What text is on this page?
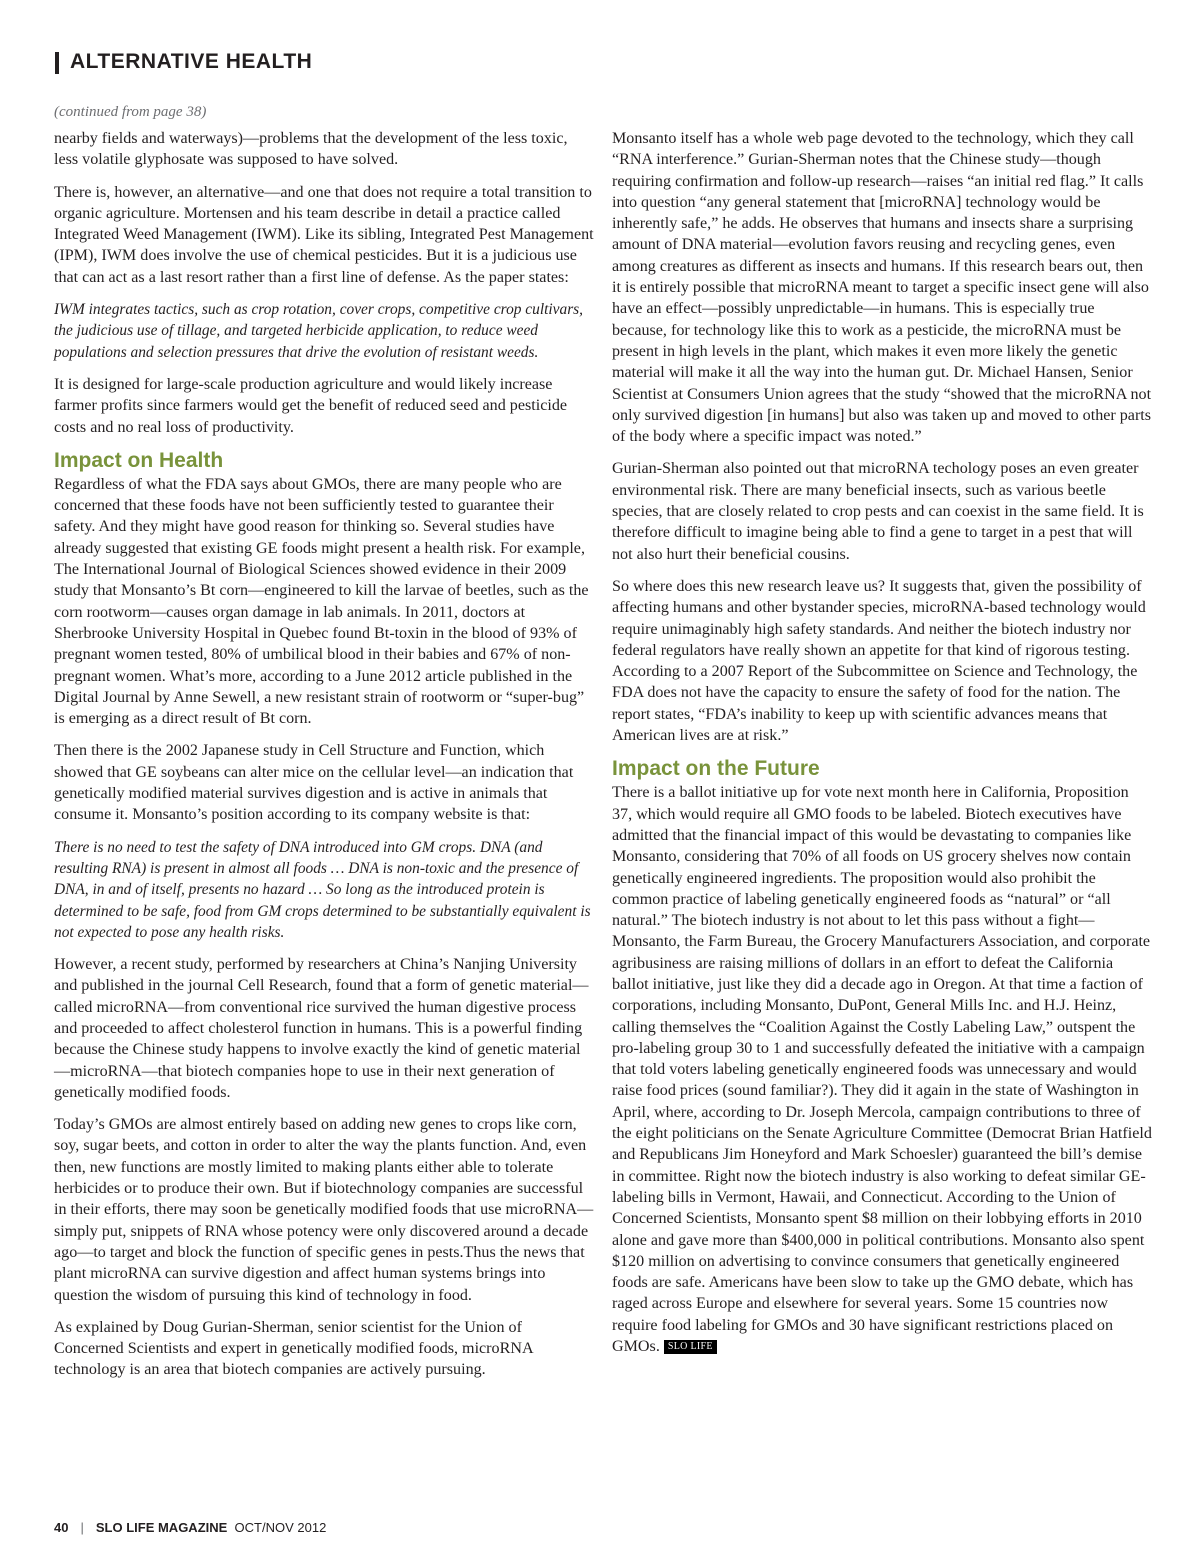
ALTERNATIVE HEALTH
(continued from page 38)

nearby fields and waterways)—problems that the development of the less toxic, less volatile glyphosate was supposed to have solved.

There is, however, an alternative—and one that does not require a total transition to organic agriculture. Mortensen and his team describe in detail a practice called Integrated Weed Management (IWM). Like its sibling, Integrated Pest Management (IPM), IWM does involve the use of chemical pesticides. But it is a judicious use that can act as a last resort rather than a first line of defense. As the paper states:

IWM integrates tactics, such as crop rotation, cover crops, competitive crop cultivars, the judicious use of tillage, and targeted herbicide application, to reduce weed populations and selection pressures that drive the evolution of resistant weeds.

It is designed for large-scale production agriculture and would likely increase farmer profits since farmers would get the benefit of reduced seed and pesticide costs and no real loss of productivity.

Impact on Health

Regardless of what the FDA says about GMOs, there are many people who are concerned that these foods have not been sufficiently tested to guarantee their safety. And they might have good reason for thinking so. Several studies have already suggested that existing GE foods might present a health risk. For example, The International Journal of Biological Sciences showed evidence in their 2009 study that Monsanto’s Bt corn—engineered to kill the larvae of beetles, such as the corn rootworm—causes organ damage in lab animals. In 2011, doctors at Sherbrooke University Hospital in Quebec found Bt-toxin in the blood of 93% of pregnant women tested, 80% of umbilical blood in their babies and 67% of non-pregnant women. What’s more, according to a June 2012 article published in the Digital Journal by Anne Sewell, a new resistant strain of rootworm or “super-bug” is emerging as a direct result of Bt corn.

Then there is the 2002 Japanese study in Cell Structure and Function, which showed that GE soybeans can alter mice on the cellular level—an indication that genetically modified material survives digestion and is active in animals that consume it. Monsanto’s position according to its company website is that:

There is no need to test the safety of DNA introduced into GM crops. DNA (and resulting RNA) is present in almost all foods … DNA is non-toxic and the presence of DNA, in and of itself, presents no hazard … So long as the introduced protein is determined to be safe, food from GM crops determined to be substantially equivalent is not expected to pose any health risks.

However, a recent study, performed by researchers at China’s Nanjing University and published in the journal Cell Research, found that a form of genetic material—called microRNA—from conventional rice survived the human digestive process and proceeded to affect cholesterol function in humans. This is a powerful finding because the Chinese study happens to involve exactly the kind of genetic material—microRNA—that biotech companies hope to use in their next generation of genetically modified foods.

Today’s GMOs are almost entirely based on adding new genes to crops like corn, soy, sugar beets, and cotton in order to alter the way the plants function. And, even then, new functions are mostly limited to making plants either able to tolerate herbicides or to produce their own. But if biotechnology companies are successful in their efforts, there may soon be genetically modified foods that use microRNA—simply put, snippets of RNA whose potency were only discovered around a decade ago—to target and block the function of specific genes in pests.Thus the news that plant microRNA can survive digestion and affect human systems brings into question the wisdom of pursuing this kind of technology in food.

As explained by Doug Gurian-Sherman, senior scientist for the Union of Concerned Scientists and expert in genetically modified foods, microRNA technology is an area that biotech companies are actively pursuing.

Monsanto itself has a whole web page devoted to the technology, which they call “RNA interference.” Gurian-Sherman notes that the Chinese study—though requiring confirmation and follow-up research—raises “an initial red flag.” It calls into question “any general statement that [microRNA] technology would be inherently safe,” he adds. He observes that humans and insects share a surprising amount of DNA material—evolution favors reusing and recycling genes, even among creatures as different as insects and humans. If this research bears out, then it is entirely possible that microRNA meant to target a specific insect gene will also have an effect—possibly unpredictable—in humans. This is especially true because, for technology like this to work as a pesticide, the microRNA must be present in high levels in the plant, which makes it even more likely the genetic material will make it all the way into the human gut. Dr. Michael Hansen, Senior Scientist at Consumers Union agrees that the study “showed that the microRNA not only survived digestion [in humans] but also was taken up and moved to other parts of the body where a specific impact was noted.”

Gurian-Sherman also pointed out that microRNA techology poses an even greater environmental risk. There are many beneficial insects, such as various beetle species, that are closely related to crop pests and can coexist in the same field. It is therefore difficult to imagine being able to find a gene to target in a pest that will not also hurt their beneficial cousins.

So where does this new research leave us? It suggests that, given the possibility of affecting humans and other bystander species, microRNA-based technology would require unimaginably high safety standards. And neither the biotech industry nor federal regulators have really shown an appetite for that kind of rigorous testing. According to a 2007 Report of the Subcommittee on Science and Technology, the FDA does not have the capacity to ensure the safety of food for the nation. The report states, “FDA’s inability to keep up with scientific advances means that American lives are at risk.”

Impact on the Future

There is a ballot initiative up for vote next month here in California, Proposition 37, which would require all GMO foods to be labeled. Biotech executives have admitted that the financial impact of this would be devastating to companies like Monsanto, considering that 70% of all foods on US grocery shelves now contain genetically engineered ingredients. The proposition would also prohibit the common practice of labeling genetically engineered foods as “natural” or “all natural.” The biotech industry is not about to let this pass without a fight—Monsanto, the Farm Bureau, the Grocery Manufacturers Association, and corporate agribusiness are raising millions of dollars in an effort to defeat the California ballot initiative, just like they did a decade ago in Oregon. At that time a faction of corporations, including Monsanto, DuPont, General Mills Inc. and H.J. Heinz, calling themselves the “Coalition Against the Costly Labeling Law,” outspent the pro-labeling group 30 to 1 and successfully defeated the initiative with a campaign that told voters labeling genetically engineered foods was unnecessary and would raise food prices (sound familiar?). They did it again in the state of Washington in April, where, according to Dr. Joseph Mercola, campaign contributions to three of the eight politicians on the Senate Agriculture Committee (Democrat Brian Hatfield and Republicans Jim Honeyford and Mark Schoesler) guaranteed the bill’s demise in committee. Right now the biotech industry is also working to defeat similar GE-labeling bills in Vermont, Hawaii, and Connecticut. According to the Union of Concerned Scientists, Monsanto spent $8 million on their lobbying efforts in 2010 alone and gave more than $400,000 in political contributions. Monsanto also spent $120 million on advertising to convince consumers that genetically engineered foods are safe. Americans have been slow to take up the GMO debate, which has raged across Europe and elsewhere for several years. Some 15 countries now require food labeling for GMOs and 30 have significant restrictions placed on GMOs. SLO LIFE

40 | SLO LIFE MAGAZINE OCT/NOV 2012
